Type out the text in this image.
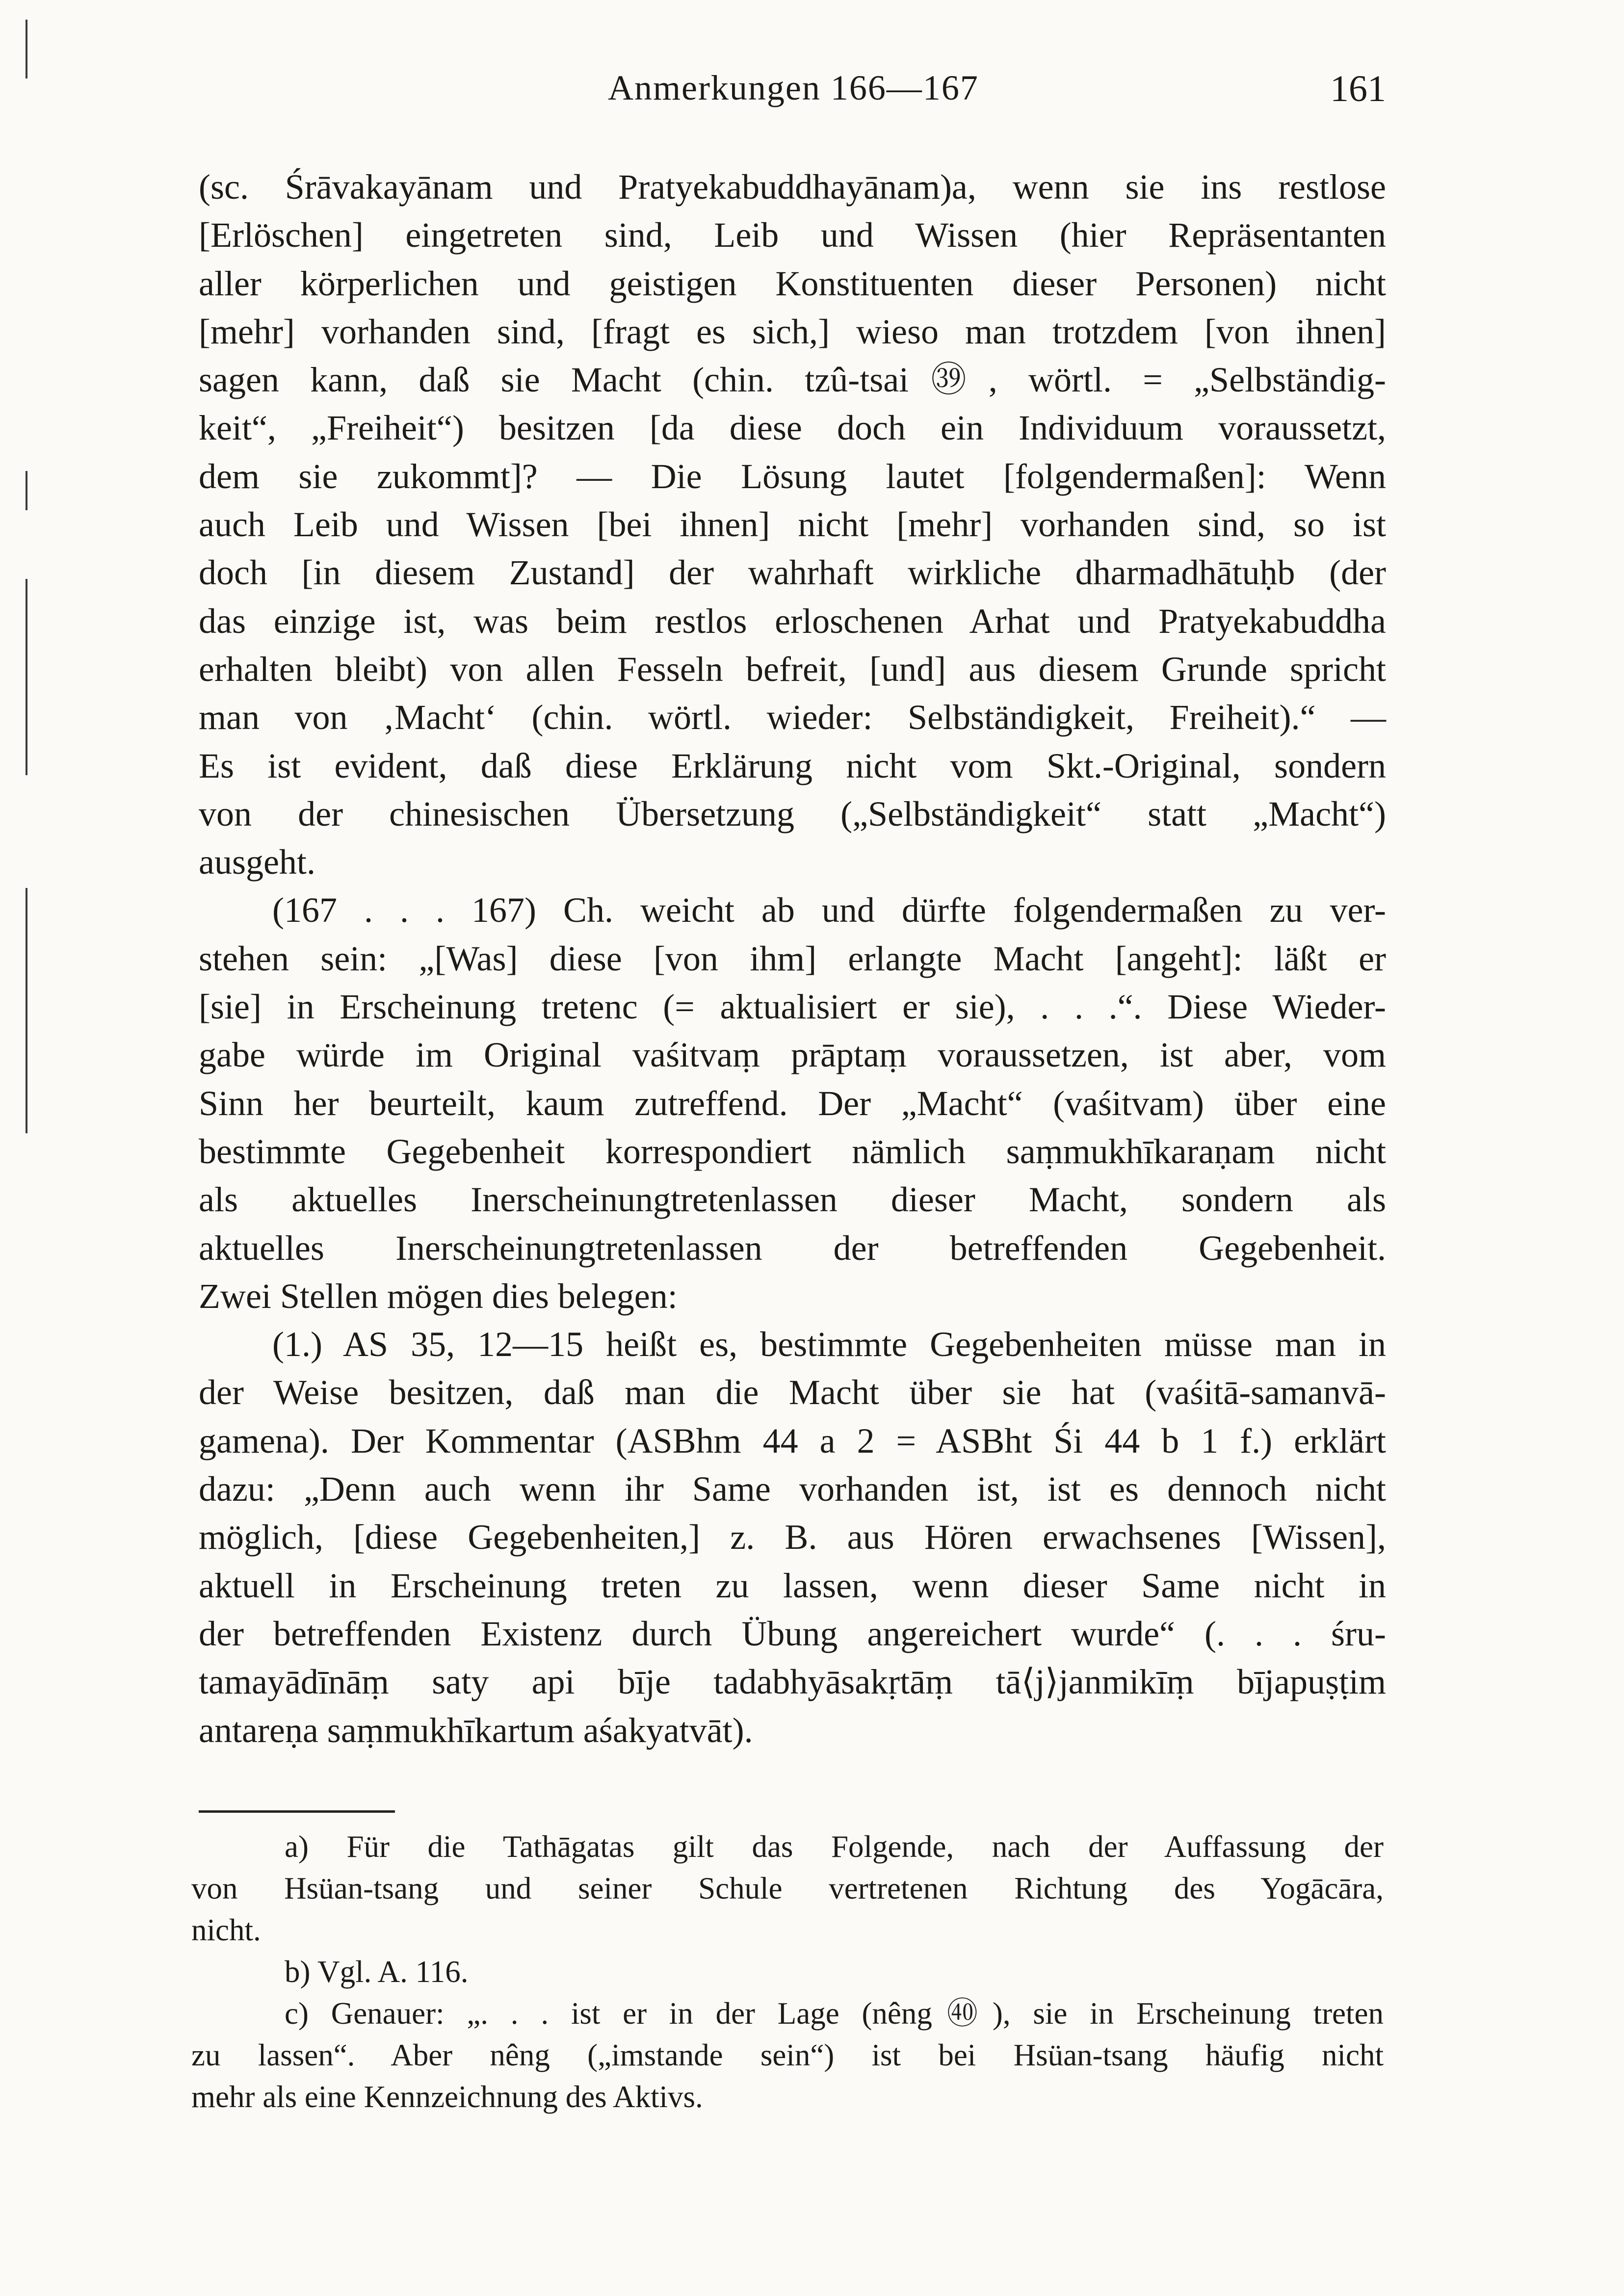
Anmerkungen 166—167	161

(sc. Śrāvakayānam und Pratyekabuddhayānam)a, wenn sie ins restlose

[Erlöschen] eingetreten sind, Leib und Wissen (hier Repräsentanten

aller körperlichen und geistigen Konstituenten dieser Personen) nicht

[mehr] vorhanden sind, [fragt es sich,] wieso man trotzdem [von ihnen]

sagen kann, daß sie Macht (chin. tzû-tsai㊴, wörtl. = „Selbständig-

keit“, „Freiheit“) besitzen [da diese doch ein Individuum voraussetzt,

dem sie zukommt]? — Die Lösung lautet [folgendermaßen]: Wenn

auch Leib und Wissen [bei ihnen] nicht [mehr] vorhanden sind, so ist

doch [in diesem Zustand] der wahrhaft wirkliche dharmadhātuḥb (der

das einzige ist, was beim restlos erloschenen Arhat und Pratyekabuddha

erhalten bleibt) von allen Fesseln befreit, [und] aus diesem Grunde spricht

man von ‚Macht‘ (chin. wörtl. wieder: Selbständigkeit, Freiheit).“ —

Es ist evident, daß diese Erklärung nicht vom Skt.-Original, sondern

von der chinesischen Übersetzung („Selbständigkeit“ statt „Macht“)

ausgeht.

(167 . . . 167) Ch. weicht ab und dürfte folgendermaßen zu ver-

stehen sein: „[Was] diese [von ihm] erlangte Macht [angeht]: läßt er

[sie] in Erscheinung tretenc (= aktualisiert er sie), . . .“. Diese Wieder-

gabe würde im Original vaśitvaṃ prāptaṃ voraussetzen, ist aber, vom

Sinn her beurteilt, kaum zutreffend. Der „Macht“ (vaśitvam) über eine

bestimmte Gegebenheit korrespondiert nämlich saṃmukhīkaraṇam nicht

als aktuelles Inerscheinungtretenlassen dieser Macht, sondern als

aktuelles Inerscheinungtretenlassen der betreffenden Gegebenheit.

Zwei Stellen mögen dies belegen:

(1.) AS 35, 12—15 heißt es, bestimmte Gegebenheiten müsse man in

der Weise besitzen, daß man die Macht über sie hat (vaśitā-samanvā-

gamena). Der Kommentar (ASBhm 44 a 2 = ASBht Śi 44 b 1 f.) erklärt

dazu: „Denn auch wenn ihr Same vorhanden ist, ist es dennoch nicht

möglich, [diese Gegebenheiten,] z. B. aus Hören erwachsenes [Wissen],

aktuell in Erscheinung treten zu lassen, wenn dieser Same nicht in

der betreffenden Existenz durch Übung angereichert wurde“ (. . . śru-

tamayādīnāṃ saty api bīje tadabhyāsakṛtāṃ tā⟨j⟩janmikīṃ bījapuṣṭim

antareṇa saṃmukhīkartum aśakyatvāt).

a) Für die Tathāgatas gilt das Folgende, nach der Auffassung der

von Hsüan-tsang und seiner Schule vertretenen Richtung des Yogācāra,

nicht.

b) Vgl. A. 116.

c) Genauer: „. . . ist er in der Lage (nêng㊵), sie in Erscheinung treten

zu lassen“. Aber nêng („imstande sein“) ist bei Hsüan-tsang häufig nicht

mehr als eine Kennzeichnung des Aktivs.
